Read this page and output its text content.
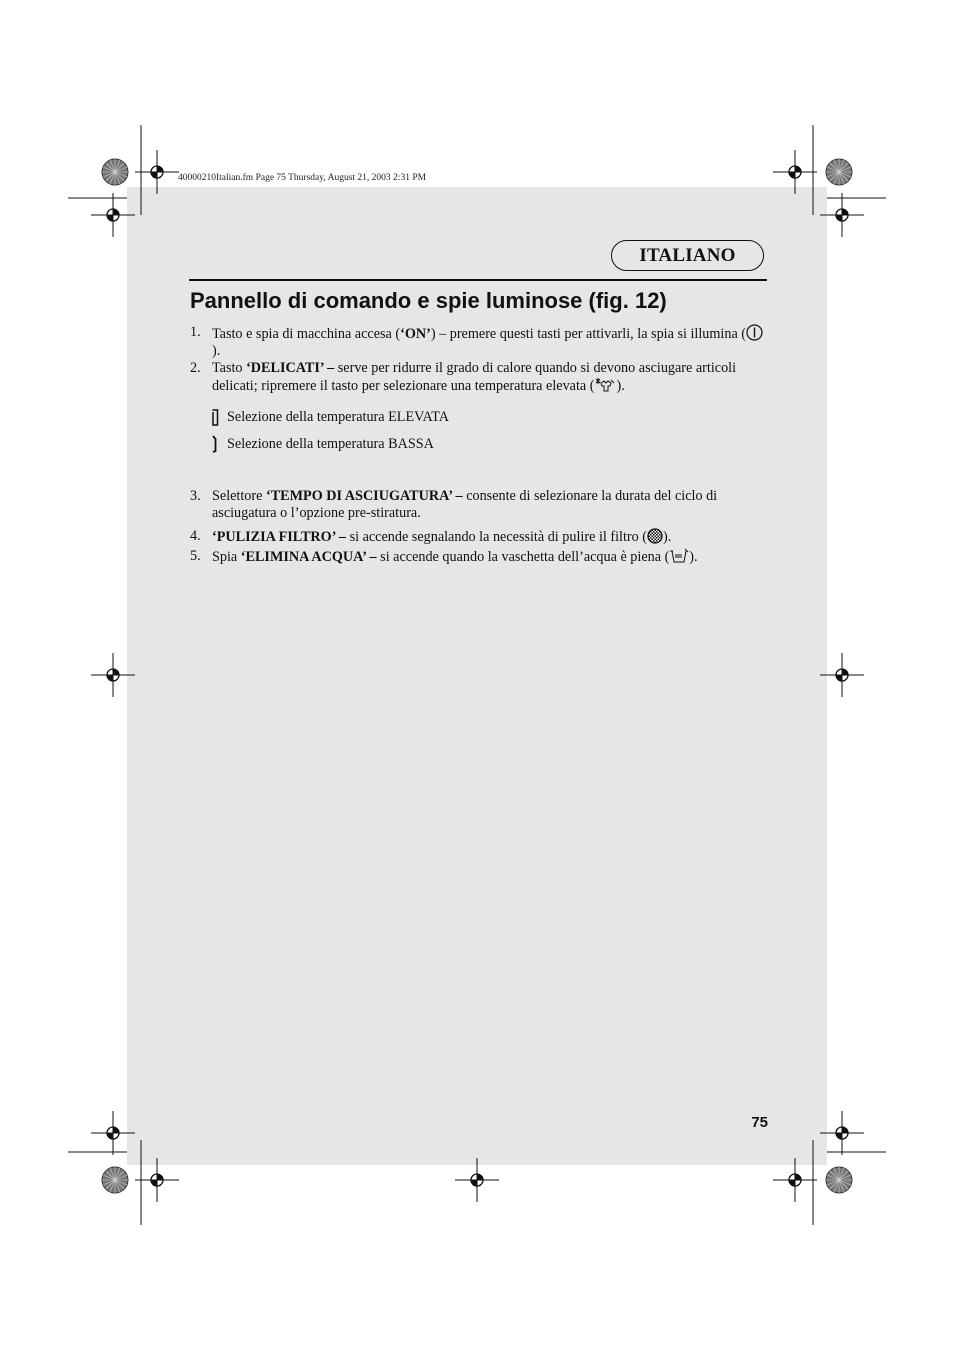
40000210Italian.fm Page 75 Thursday, August 21, 2003 2:31 PM
ITALIANO
Pannello di comando e spie luminose (fig. 12)
1. Tasto e spia di macchina accesa (‘ON’) – premere questi tasti per attivarli, la spia si illumina ().
2. Tasto ‘DELICATI’ – serve per ridurre il grado di calore quando si devono asciugare articoli delicati; ripremere il tasto per selezionare una temperatura elevata ( ).
3. Selettore ‘TEMPO DI ASCIUGATURA’ – consente di selezionare la durata del ciclo di asciugatura o l’opzione pre-stiratura.
4. ‘PULIZIA FILTRO’ – si accende segnalando la necessità di pulire il filtro ( ).
5. Spia ‘ELIMINA ACQUA’ – si accende quando la vaschetta dell’acqua è piena ( ).
Selezione della temperatura ELEVATA
Selezione della temperatura BASSA
75
